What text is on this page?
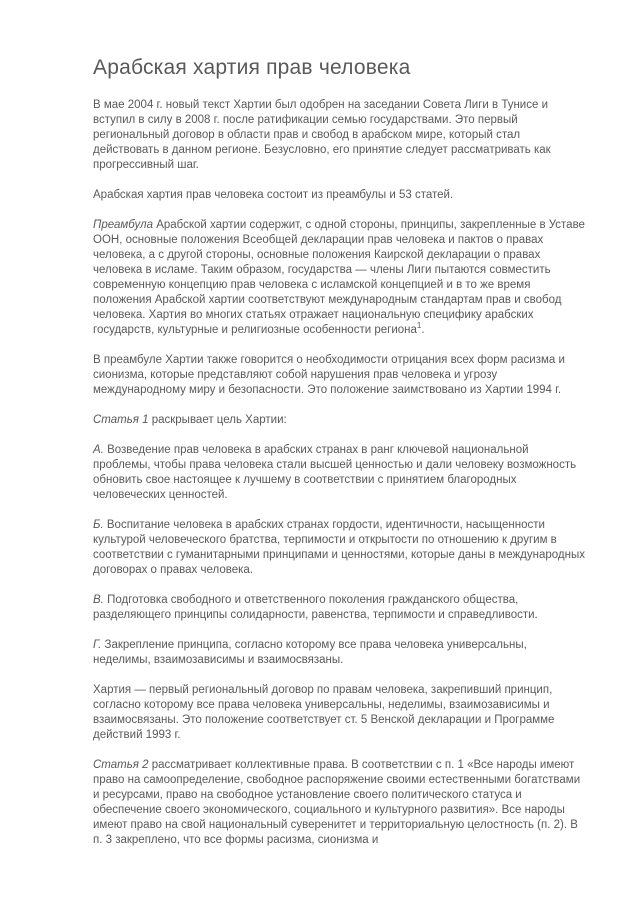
Арабская хартия прав человека

В мае 2004 г. новый текст Хартии был одобрен на заседании Совета Лиги в Тунисе и вступил в силу в 2008 г. после ратификации семью государствами. Это первый региональный договор в области прав и свобод в арабском мире, который стал действовать в данном регионе. Безусловно, его принятие следует рассматривать как прогрессивный шаг.

Арабская хартия прав человека состоит из преамбулы и 53 статей.

Преамбула Арабской хартии содержит, с одной стороны, принципы, закрепленные в Уставе ООН, основные положения Всеобщей декларации прав человека и пактов о правах человека, а с другой стороны, основные положения Каирской декларации о правах человека в исламе. Таким образом, государства — члены Лиги пытаются совместить современную концепцию прав человека с исламской концепцией и в то же время положения Арабской хартии соответствуют международным стандартам прав и свобод человека. Хартия во многих статьях отражает национальную специфику арабских государств, культурные и религиозные особенности региона$^1$.

В преамбуле Хартии также говорится о необходимости отрицания всех форм расизма и сионизма, которые представляют собой нарушения прав человека и угрозу международному миру и безопасности. Это положение заимствовано из Хартии 1994 г.

Статья 1 раскрывает цель Хартии:

А. Возведение прав человека в арабских странах в ранг ключевой национальной проблемы, чтобы права человека стали высшей ценностью и дали человеку возможность обновить свое настоящее к лучшему в соответствии с принятием благородных человеческих ценностей.

Б. Воспитание человека в арабских странах гордости, идентичности, насыщенности культурой человеческого братства, терпимости и открытости по отношению к другим в соответствии с гуманитарными принципами и ценностями, которые даны в международных договорах о правах человека.

В. Подготовка свободного и ответственного поколения гражданского общества, разделяющего принципы солидарности, равенства, терпимости и справедливости.

Г. Закрепление принципа, согласно которому все права человека универсальны, неделимы, взаимозависимы и взаимосвязаны.

Хартия — первый региональный договор по правам человека, закрепивший принцип, согласно которому все права человека универсальны, неделимы, взаимозависимы и взаимосвязаны. Это положение соответствует ст. 5 Венской декларации и Программе действий 1993 г.

Статья 2 рассматривает коллективные права. В соответствии с п. 1 «Все народы имеют право на самоопределение, свободное распоряжение своими естественными богатствами и ресурсами, право на свободное установление своего политического статуса и обеспечение своего экономического, социального и культурного развития». Все народы имеют право на свой национальный суверенитет и территориальную целостность (п. 2). В п. 3 закреплено, что все формы расизма, сионизма и
